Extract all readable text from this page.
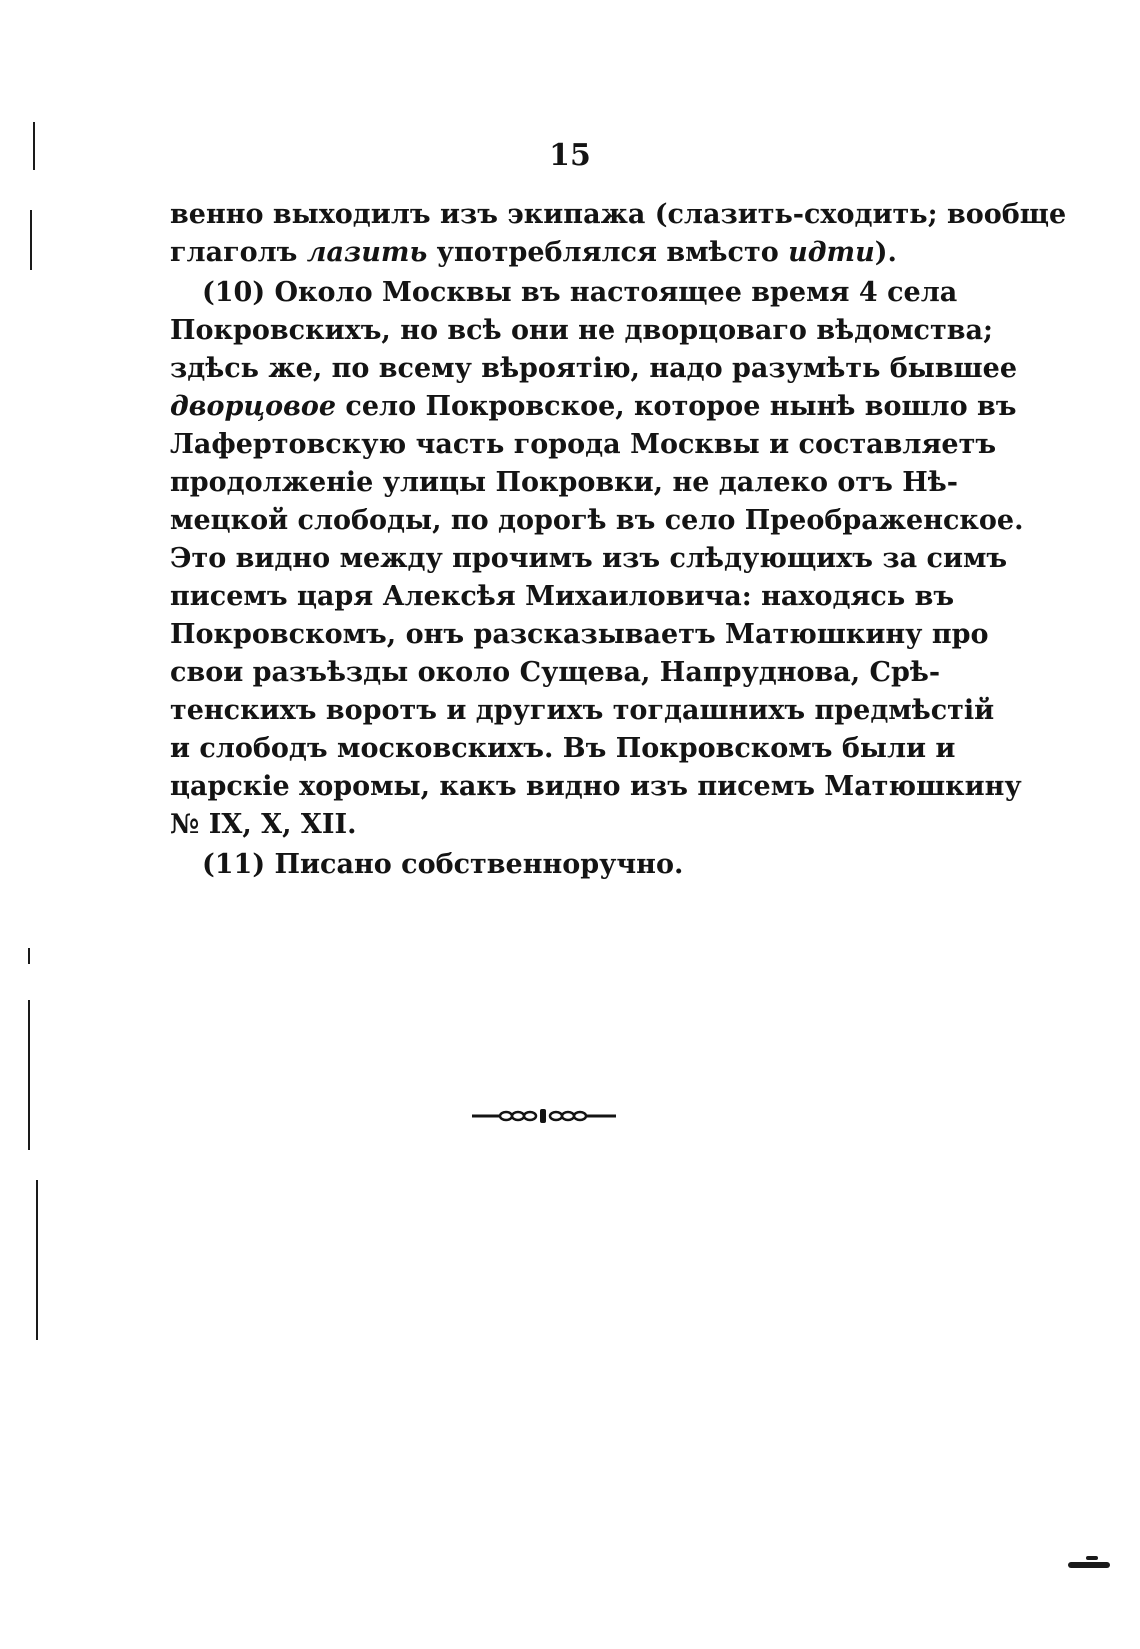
15
венно выходилъ изъ экипажа (слазить-сходить; вообще
глаголъ лазить употреблялся вмѣсто идти).
(10) Около Москвы въ настоящее время 4 села
Покровскихъ, но всѣ они не дворцоваго вѣдомства;
здѣсь же, по всему вѣроятію, надо разумѣть бывшее
дворцовое село Покровское, которое нынѣ вошло въ
Лафертовскую часть города Москвы и составляетъ
продолженіе улицы Покровки, не далеко отъ Нѣ-
мецкой слободы, по дорогѣ въ село Преображенское.
Это видно между прочимъ изъ слѣдующихъ за симъ
писемъ царя Алексѣя Михаиловича: находясь въ
Покровскомъ, онъ разсказываетъ Матюшкину про
свои разъѣзды около Сущева, Напруднова, Срѣ-
тенскихъ воротъ и другихъ тогдашнихъ предмѣстій
и слободъ московскихъ. Въ Покровскомъ были и
царскіе хоромы, какъ видно изъ писемъ Матюшкину
№ IX, X, XII.
(11) Писано собственноручно.
